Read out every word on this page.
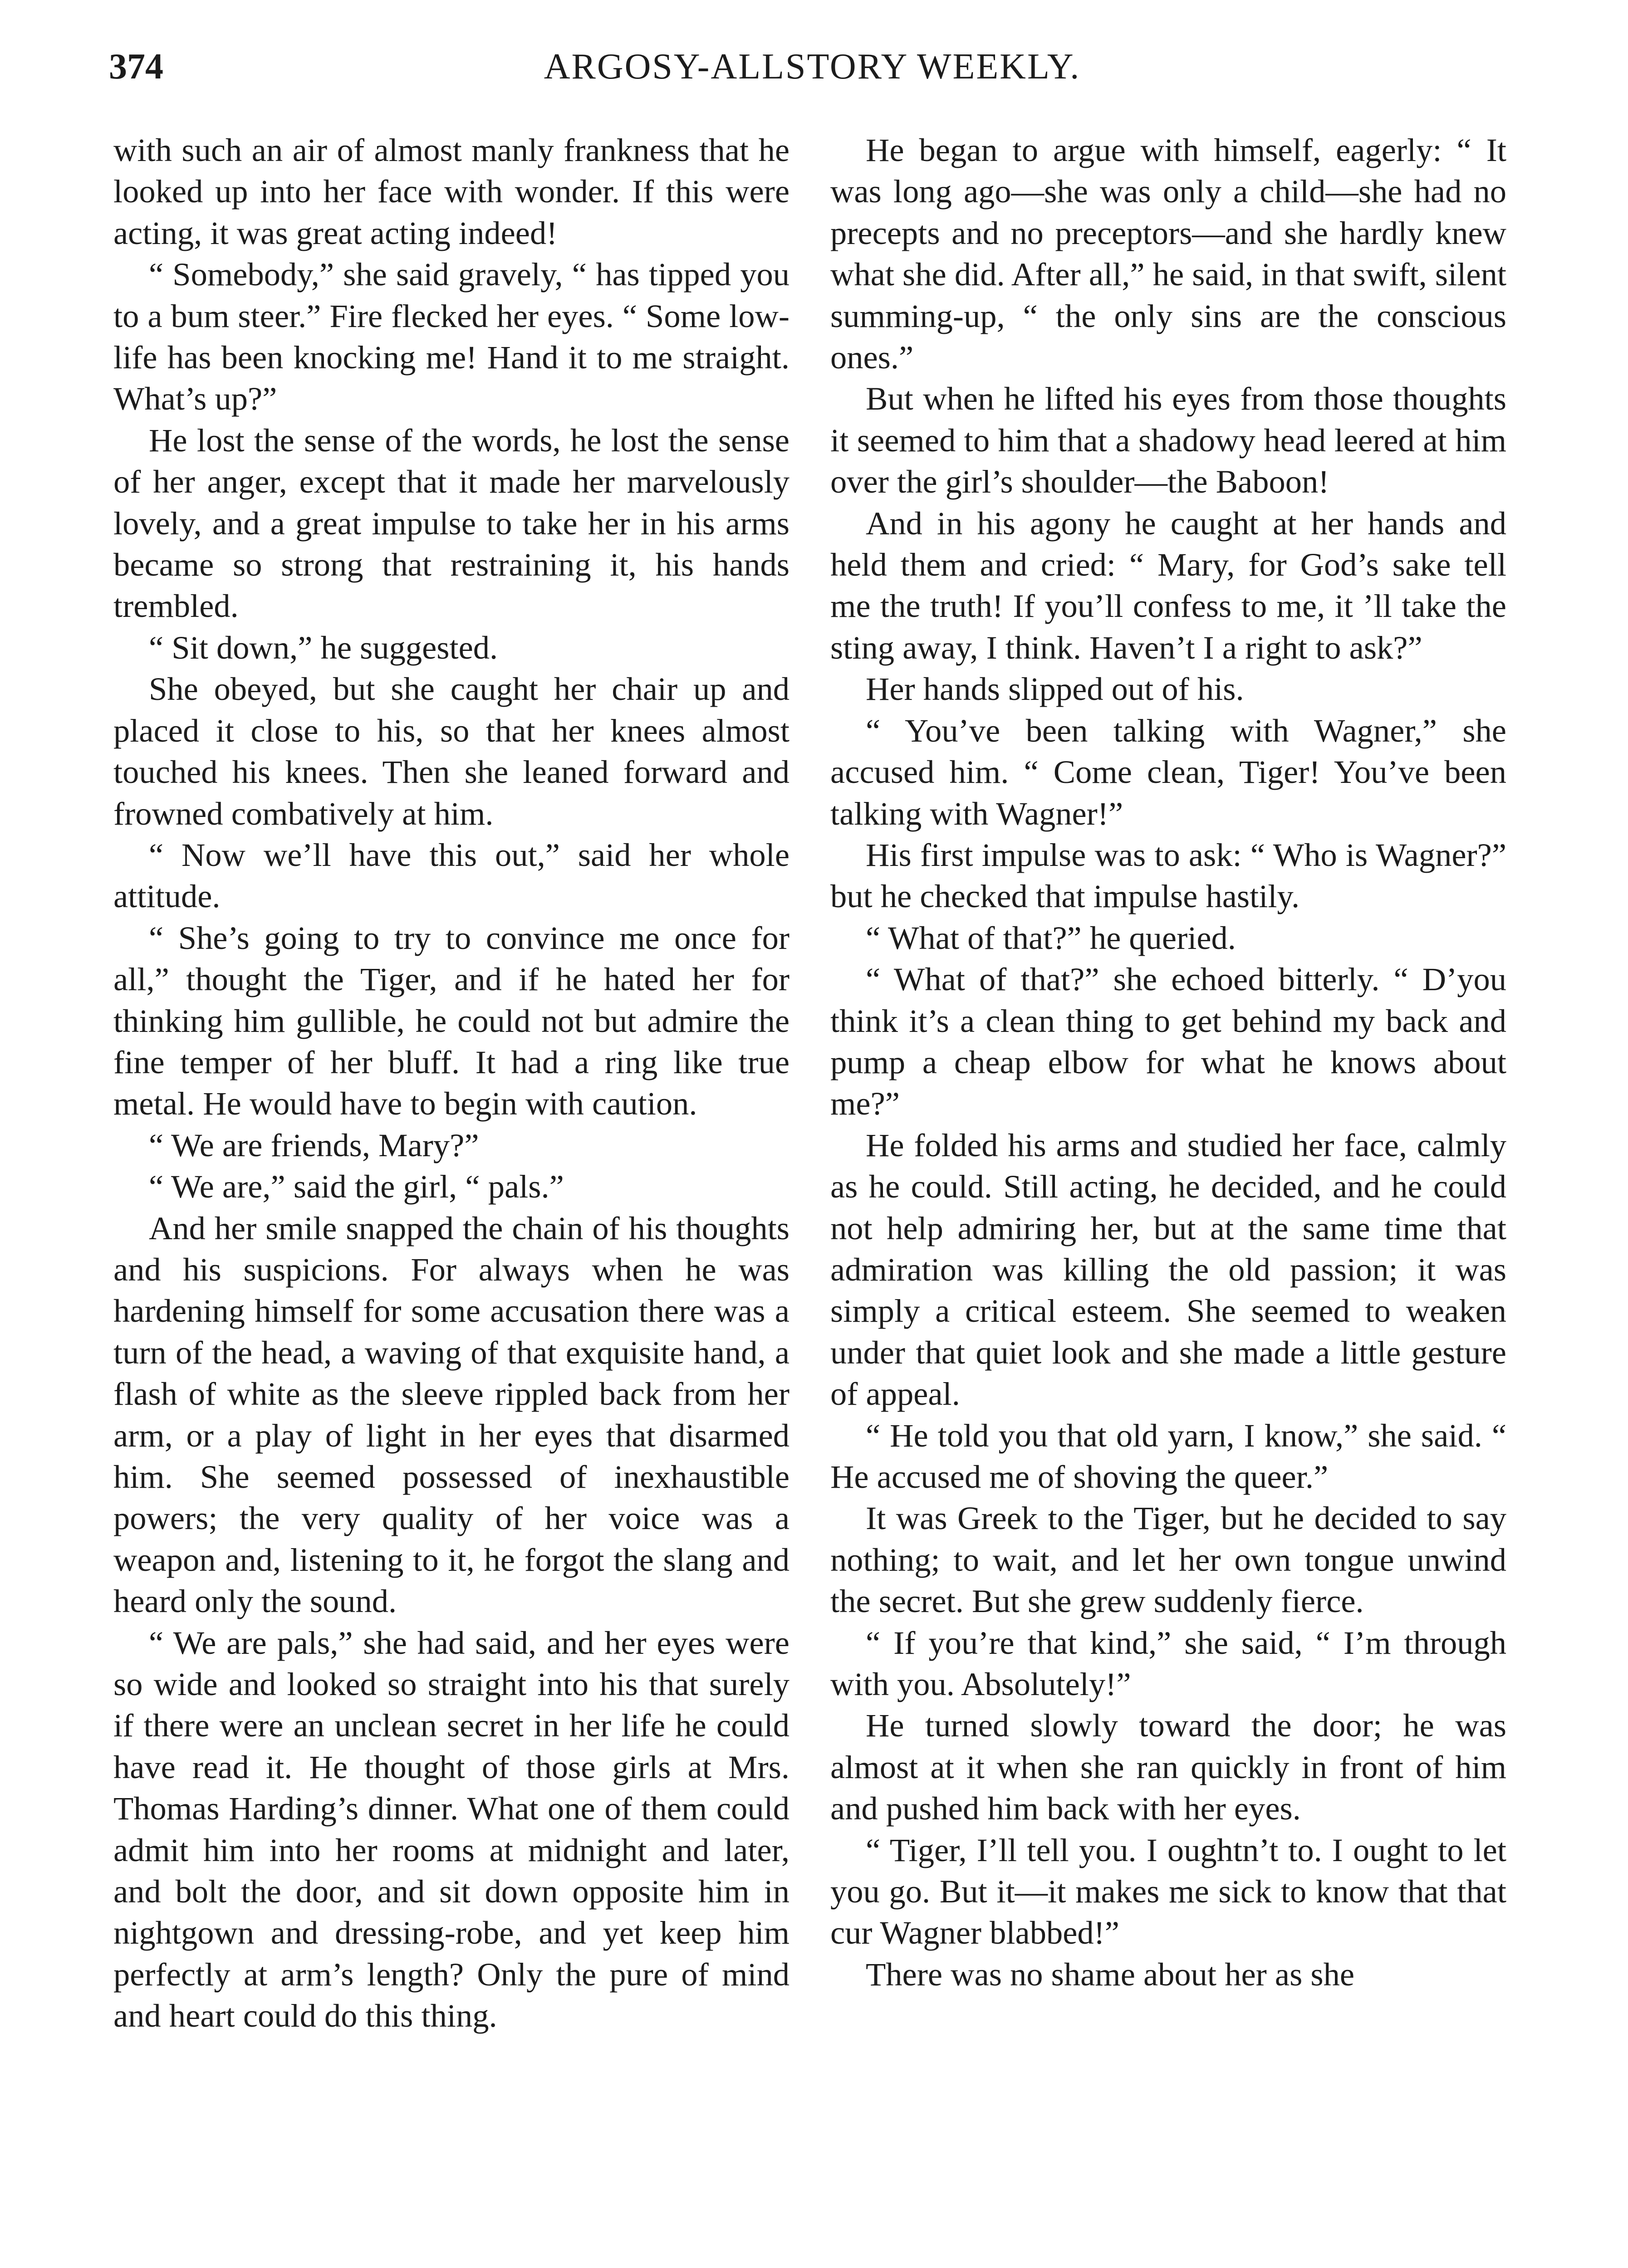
374	ARGOSY-ALLSTORY WEEKLY.

with such an air of almost manly frankness that he looked up into her face with wonder. If this were acting, it was great acting indeed!

“ Somebody,” she said gravely, “ has tipped you to a bum steer.” Fire flecked her eyes. “ Some low-life has been knocking me! Hand it to me straight. What’s up?”

He lost the sense of the words, he lost the sense of her anger, except that it made her marvelously lovely, and a great impulse to take her in his arms became so strong that restraining it, his hands trembled.

“ Sit down,” he suggested.

She obeyed, but she caught her chair up and placed it close to his, so that her knees almost touched his knees. Then she leaned forward and frowned combatively at him.

“ Now we’ll have this out,” said her whole attitude.

“ She’s going to try to convince me once for all,” thought the Tiger, and if he hated her for thinking him gullible, he could not but admire the fine temper of her bluff. It had a ring like true metal. He would have to begin with caution.

“ We are friends, Mary?”

“ We are,” said the girl, “ pals.”

And her smile snapped the chain of his thoughts and his suspicions. For always when he was hardening himself for some accusation there was a turn of the head, a waving of that exquisite hand, a flash of white as the sleeve rippled back from her arm, or a play of light in her eyes that disarmed him. She seemed possessed of inexhaustible powers; the very quality of her voice was a weapon and, listening to it, he forgot the slang and heard only the sound.

“ We are pals,” she had said, and her eyes were so wide and looked so straight into his that surely if there were an unclean secret in her life he could have read it. He thought of those girls at Mrs. Thomas Harding’s dinner. What one of them could admit him into her rooms at midnight and later, and bolt the door, and sit down opposite him in nightgown and dressing-robe, and yet keep him perfectly at arm’s length? Only the pure of mind and heart could do this thing.

He began to argue with himself, eagerly: “ It was long ago—she was only a child—she had no precepts and no preceptors—and she hardly knew what she did. After all,” he said, in that swift, silent summing-up, “ the only sins are the conscious ones.”

But when he lifted his eyes from those thoughts it seemed to him that a shadowy head leered at him over the girl’s shoulder—the Baboon!

And in his agony he caught at her hands and held them and cried: “ Mary, for God’s sake tell me the truth! If you’ll confess to me, it ’ll take the sting away, I think. Haven’t I a right to ask?”

Her hands slipped out of his.

“ You’ve been talking with Wagner,” she accused him. “ Come clean, Tiger! You’ve been talking with Wagner!”

His first impulse was to ask: “ Who is Wagner?” but he checked that impulse hastily.

“ What of that?” he queried.

“ What of that?” she echoed bitterly. “ D’you think it’s a clean thing to get behind my back and pump a cheap elbow for what he knows about me?”

He folded his arms and studied her face, calmly as he could. Still acting, he decided, and he could not help admiring her, but at the same time that admiration was killing the old passion; it was simply a critical esteem. She seemed to weaken under that quiet look and she made a little gesture of appeal.

“ He told you that old yarn, I know,” she said. “ He accused me of shoving the queer.”

It was Greek to the Tiger, but he decided to say nothing; to wait, and let her own tongue unwind the secret. But she grew suddenly fierce.

“ If you’re that kind,” she said, “ I’m through with you. Absolutely!”

He turned slowly toward the door; he was almost at it when she ran quickly in front of him and pushed him back with her eyes.

“ Tiger, I’ll tell you. I oughtn’t to. I ought to let you go. But it—it makes me sick to know that that cur Wagner blabbed!”

There was no shame about her as she
